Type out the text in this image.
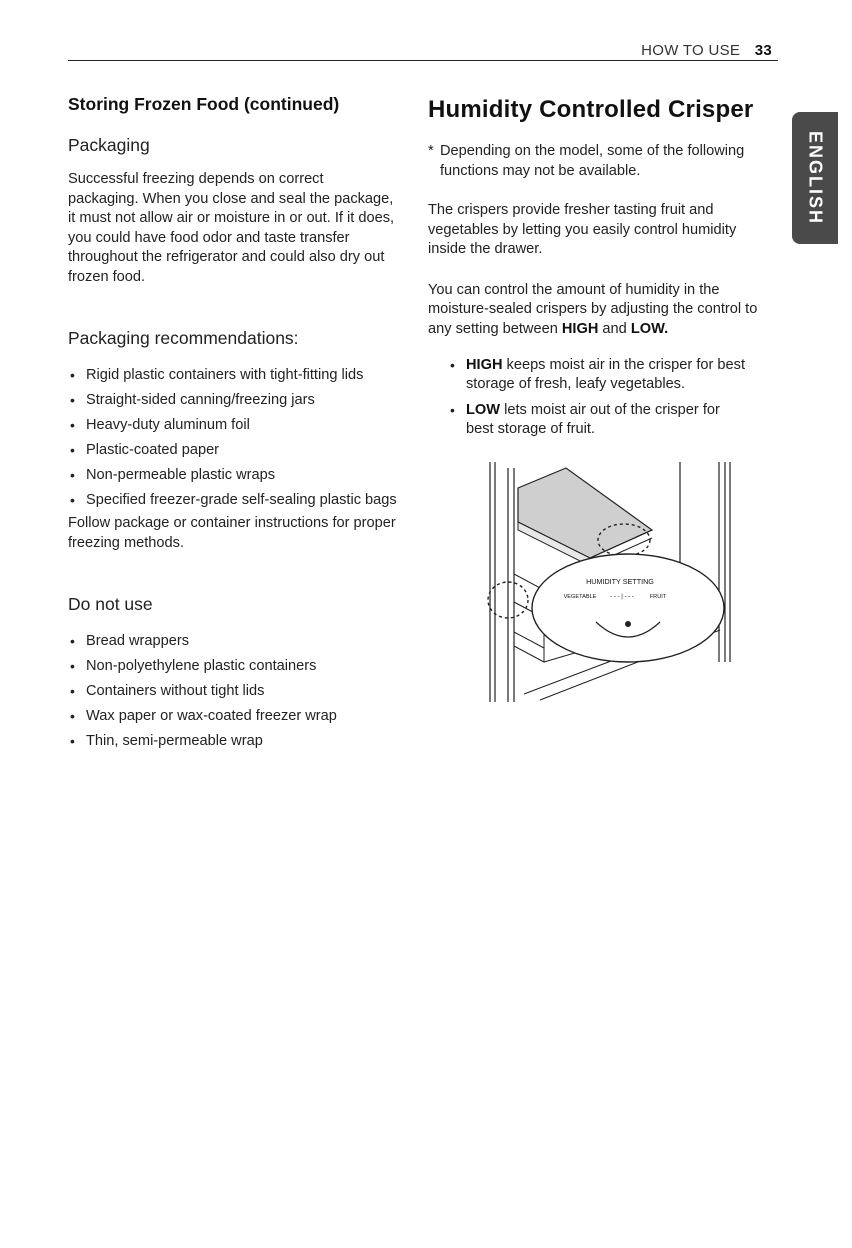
HOW TO USE 33
ENGLISH
Storing Frozen Food (continued)
Packaging

Successful freezing depends on correct packaging. When you close and seal the package, it must not allow air or moisture in or out. If it does, you could have food odor and taste transfer throughout the refrigerator and could also dry out frozen food.

Packaging recommendations:
• Rigid plastic containers with tight-fitting lids
• Straight-sided canning/freezing jars
• Heavy-duty aluminum foil
• Plastic-coated paper
• Non-permeable plastic wraps
• Specified freezer-grade self-sealing plastic bags

Follow package or container instructions for proper freezing methods.

Do not use
• Bread wrappers
• Non-polyethylene plastic containers
• Containers without tight lids
• Wax paper or wax-coated freezer wrap
• Thin, semi-permeable wrap
Humidity Controlled Crisper
* Depending on the model, some of the following functions may not be available.

The crispers provide fresher tasting fruit and vegetables by letting you easily control humidity inside the drawer.

You can control the amount of humidity in the moisture-sealed crispers by adjusting the control to any setting between HIGH and LOW.

• HIGH keeps moist air in the crisper for best storage of fresh, leafy vegetables.
• LOW lets moist air out of the crisper for best storage of fruit.
HUMIDITY SETTING
VEGETABLE - - - | - - -	FRUIT
